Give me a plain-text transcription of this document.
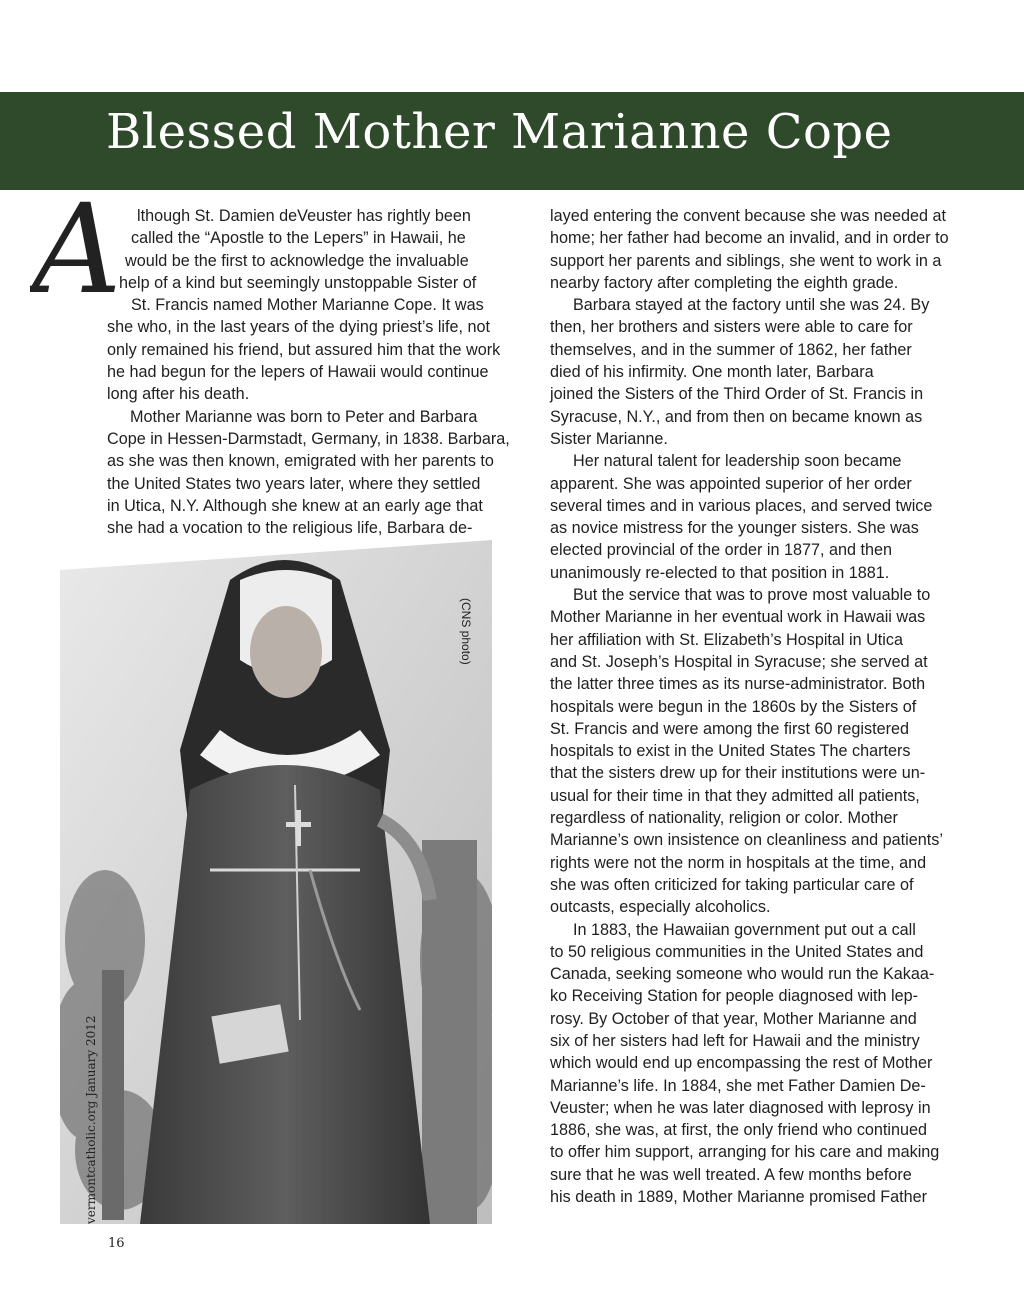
Blessed Mother Marianne Cope
A lthough St. Damien deVeuster has rightly been
called the “Apostle to the Lepers” in Hawaii, he
would be the first to acknowledge the invaluable
help of a kind but seemingly unstoppable Sister of
St. Francis named Mother Marianne Cope. It was
she who, in the last years of the dying priest’s life, not
only remained his friend, but assured him that the work
he had begun for the lepers of Hawaii would continue
long after his death.

Mother Marianne was born to Peter and Barbara
Cope in Hessen-Darmstadt, Germany, in 1838. Barbara,
as she was then known, emigrated with her parents to
the United States two years later, where they settled
in Utica, N.Y. Although she knew at an early age that
she had a vocation to the religious life, Barbara de-

(CNS photo)

layed entering the convent because she was needed at
home; her father had become an invalid, and in order to
support her parents and siblings, she went to work in a
nearby factory after completing the eighth grade.

Barbara stayed at the factory until she was 24. By
then, her brothers and sisters were able to care for
themselves, and in the summer of 1862, her father
died of his infirmity. One month later, Barbara
joined the Sisters of the Third Order of St. Francis in
Syracuse, N.Y., and from then on became known as
Sister Marianne.

Her natural talent for leadership soon became
apparent. She was appointed superior of her order
several times and in various places, and served twice
as novice mistress for the younger sisters. She was
elected provincial of the order in 1877, and then
unanimously re-elected to that position in 1881.

But the service that was to prove most valuable to
Mother Marianne in her eventual work in Hawaii was
her affiliation with St. Elizabeth’s Hospital in Utica
and St. Joseph’s Hospital in Syracuse; she served at
the latter three times as its nurse-administrator. Both
hospitals were begun in the 1860s by the Sisters of
St. Francis and were among the first 60 registered
hospitals to exist in the United States The charters
that the sisters drew up for their institutions were un-
usual for their time in that they admitted all patients,
regardless of nationality, religion or color. Mother
Marianne’s own insistence on cleanliness and patients’
rights were not the norm in hospitals at the time, and
she was often criticized for taking particular care of
outcasts, especially alcoholics.

In 1883, the Hawaiian government put out a call
to 50 religious communities in the United States and
Canada, seeking someone who would run the Kakaa-
ko Receiving Station for people diagnosed with lep-
rosy. By October of that year, Mother Marianne and
six of her sisters had left for Hawaii and the ministry
which would end up encompassing the rest of Mother
Marianne’s life. In 1884, she met Father Damien De-
Veuster; when he was later diagnosed with leprosy in
1886, she was, at first, the only friend who continued
to offer him support, arranging for his care and making
sure that he was well treated. A few months before
his death in 1889, Mother Marianne promised Father

vermontcatholic.org January 2012
16
